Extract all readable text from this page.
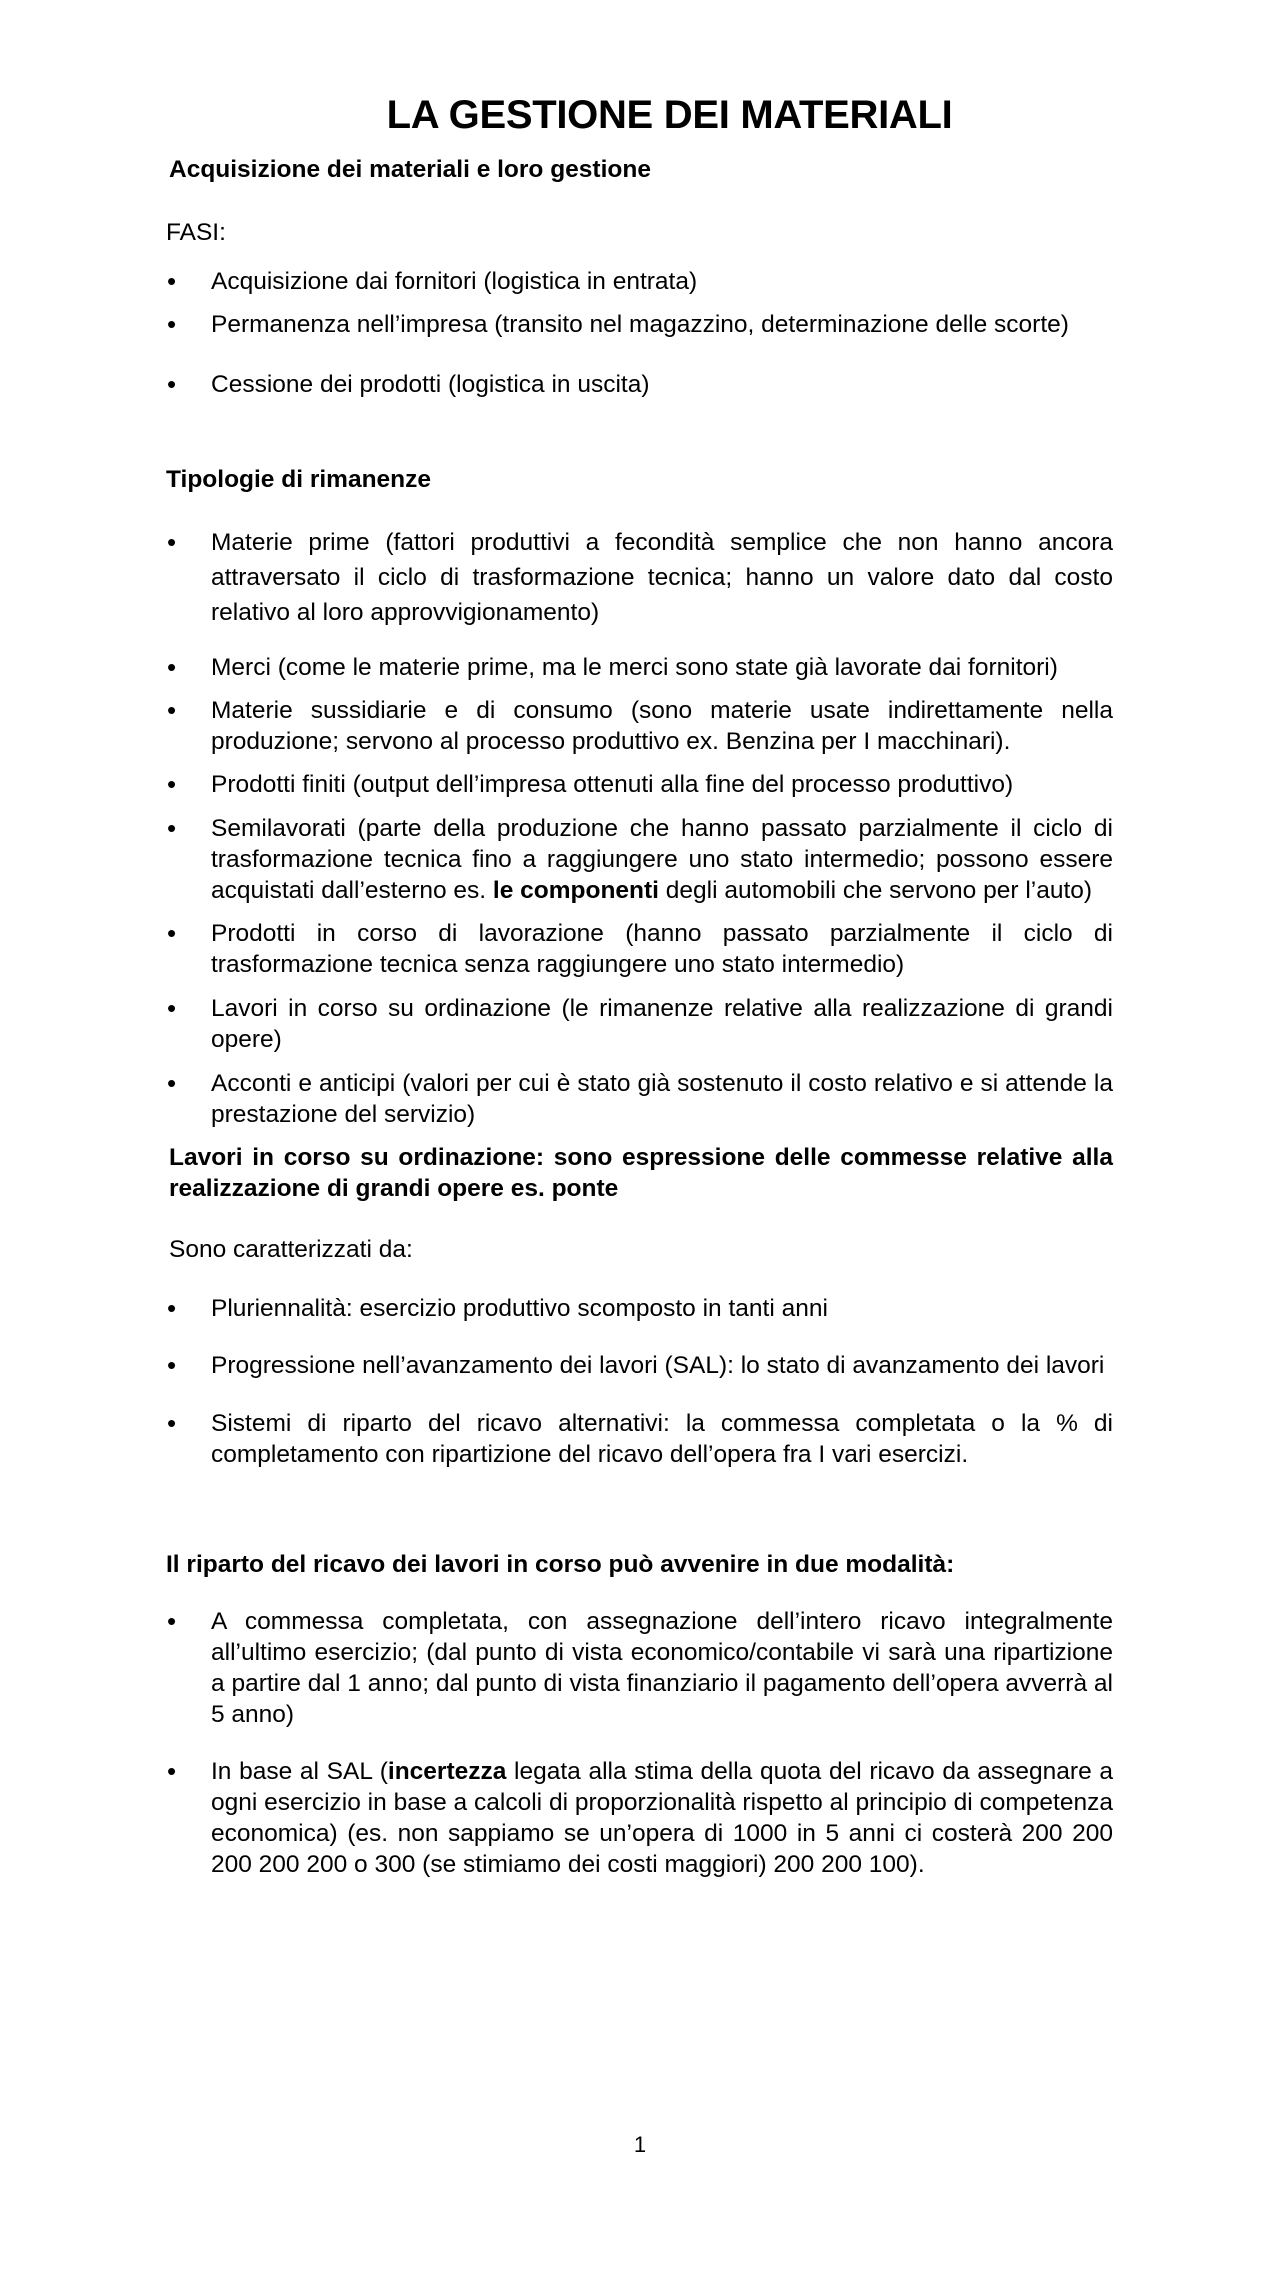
LA GESTIONE DEI MATERIALI
Acquisizione dei materiali e loro gestione
FASI:
• Acquisizione dai fornitori (logistica in entrata)
• Permanenza nell’impresa (transito nel magazzino, determinazione delle scorte)
• Cessione dei prodotti (logistica in uscita)
Tipologie di rimanenze
• Materie prime (fattori produttivi a fecondità semplice che non hanno ancora attraversato il ciclo di trasformazione tecnica; hanno un valore dato dal costo relativo al loro approvvigionamento)
• Merci (come le materie prime, ma le merci sono state già lavorate dai fornitori)
• Materie sussidiarie e di consumo (sono materie usate indirettamente nella produzione; servono al processo produttivo ex. Benzina per I macchinari).
• Prodotti finiti (output dell’impresa ottenuti alla fine del processo produttivo)
• Semilavorati (parte della produzione che hanno passato parzialmente il ciclo di trasformazione tecnica fino a raggiungere uno stato intermedio; possono essere acquistati dall’esterno es. le componenti degli automobili che servono per l’auto)
• Prodotti in corso di lavorazione (hanno passato parzialmente il ciclo di trasformazione tecnica senza raggiungere uno stato intermedio)
• Lavori in corso su ordinazione (le rimanenze relative alla realizzazione di grandi opere)
• Acconti e anticipi (valori per cui è stato già sostenuto il costo relativo e si attende la prestazione del servizio)
Lavori in corso su ordinazione: sono espressione delle commesse relative alla realizzazione di grandi opere es. ponte
Sono caratterizzati da:
• Pluriennalità: esercizio produttivo scomposto in tanti anni
• Progressione nell’avanzamento dei lavori (SAL): lo stato di avanzamento dei lavori
• Sistemi di riparto del ricavo alternativi: la commessa completata o la % di completamento con ripartizione del ricavo dell’opera fra I vari esercizi.
Il riparto del ricavo dei lavori in corso può avvenire in due modalità:
• A commessa completata, con assegnazione dell’intero ricavo integralmente all’ultimo esercizio; (dal punto di vista economico/contabile vi sarà una ripartizione a partire dal 1 anno; dal punto di vista finanziario il pagamento dell’opera avverrà al 5 anno)
• In base al SAL (incertezza legata alla stima della quota del ricavo da assegnare a ogni esercizio in base a calcoli di proporzionalità rispetto al principio di competenza economica) (es. non sappiamo se un’opera di 1000 in 5 anni ci costerà 200 200 200 200 200 o 300 (se stimiamo dei costi maggiori) 200 200 100).
1
